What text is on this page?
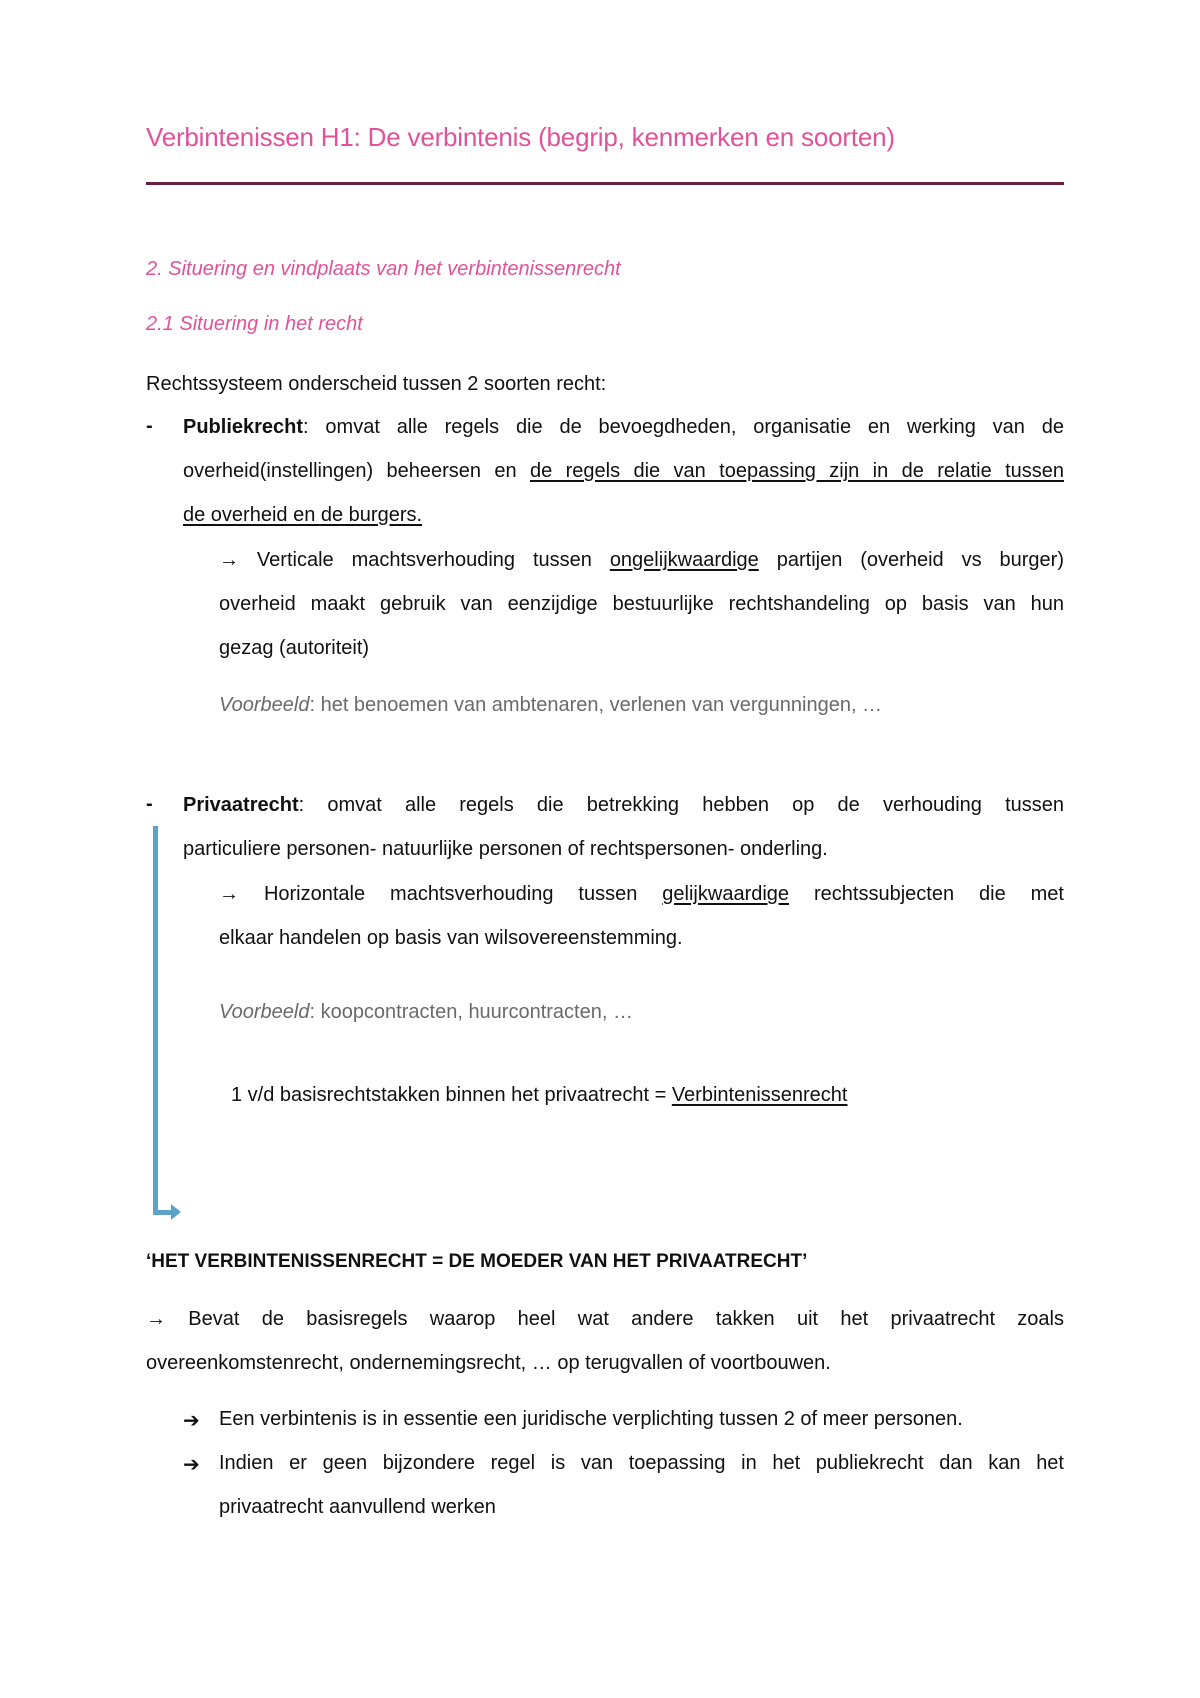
Verbintenissen H1: De verbintenis (begrip, kenmerken en soorten)
2. Situering en vindplaats van het verbintenissenrecht
2.1 Situering in het recht
Rechtssysteem onderscheid tussen 2 soorten recht:
- Publiekrecht: omvat alle regels die de bevoegdheden, organisatie en werking van de
overheid(instellingen) beheersen en de regels die van toepassing zijn in de relatie tussen
de overheid en de burgers.
→ Verticale machtsverhouding tussen ongelijkwaardige partijen (overheid vs burger)
overheid maakt gebruik van eenzijdige bestuurlijke rechtshandeling op basis van hun
gezag (autoriteit)
Voorbeeld: het benoemen van ambtenaren, verlenen van vergunningen, …
- Privaatrecht: omvat alle regels die betrekking hebben op de verhouding tussen
particuliere personen- natuurlijke personen of rechtspersonen- onderling.
→ Horizontale machtsverhouding tussen gelijkwaardige rechtssubjecten die met
elkaar handelen op basis van wilsovereenstemming.
Voorbeeld: koopcontracten, huurcontracten, …
1 v/d basisrechtstakken binnen het privaatrecht = Verbintenissenrecht
‘HET VERBINTENISSENRECHT = DE MOEDER VAN HET PRIVAATRECHT’
→ Bevat de basisregels waarop heel wat andere takken uit het privaatrecht zoals
overeenkomstenrecht, ondernemingsrecht, … op terugvallen of voortbouwen.
➔ Een verbintenis is in essentie een juridische verplichting tussen 2 of meer personen.
➔ Indien er geen bijzondere regel is van toepassing in het publiekrecht dan kan het
privaatrecht aanvullend werken
